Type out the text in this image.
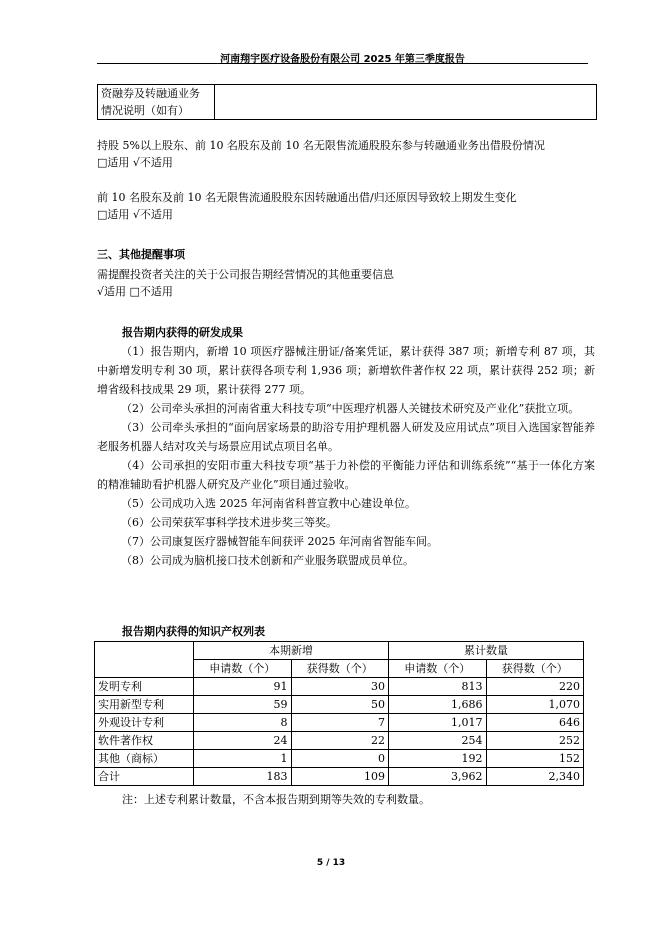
河南翔宇医疗设备股份有限公司 2025 年第三季度报告
资融券及转融通业务
情况说明（如有）

持股 5%以上股东、前 10 名股东及前 10 名无限售流通股股东参与转融通业务出借股份情况
□适用 √不适用
前 10 名股东及前 10 名无限售流通股股东因转融通出借/归还原因导致较上期发生变化
□适用 √不适用
三、其他提醒事项
需提醒投资者关注的关于公司报告期经营情况的其他重要信息
√适用 □不适用
报告期内获得的研发成果

（1）报告期内，新增 10 项医疗器械注册证/备案凭证，累计获得 387 项；新增专利 87 项，其中新增发明专利 30 项，累计获得各项专利 1,936 项；新增软件著作权 22 项，累计获得 252 项；新增省级科技成果 29 项，累计获得 277 项。

（2）公司牵头承担的河南省重大科技专项“中医理疗机器人关键技术研究及产业化”获批立项。

（3）公司牵头承担的“面向居家场景的助浴专用护理机器人研发及应用试点”项目入选国家智能养老服务机器人结对攻关与场景应用试点项目名单。

（4）公司承担的安阳市重大科技专项“基于力补偿的平衡能力评估和训练系统”“基于一体化方案的精准辅助看护机器人研究及产业化”项目通过验收。

（5）公司成功入选 2025 年河南省科普宣教中心建设单位。

（6）公司荣获军事科学技术进步奖三等奖。

（7）公司康复医疗器械智能车间获评 2025 年河南省智能车间。

（8）公司成为脑机接口技术创新和产业服务联盟成员单位。

报告期内获得的知识产权列表
	本期新增		累计数量	
	申请数（个）	获得数（个）	申请数（个）	获得数（个）
发明专利	91	30	813	220
实用新型专利	59	50	1,686	1,070
外观设计专利	8	7	1,017	646
软件著作权	24	22	254	252
其他（商标）	1	0	192	152
合计	183	109	3,962	2,340
注：上述专利累计数量，不含本报告期到期等失效的专利数量。
5 / 13
